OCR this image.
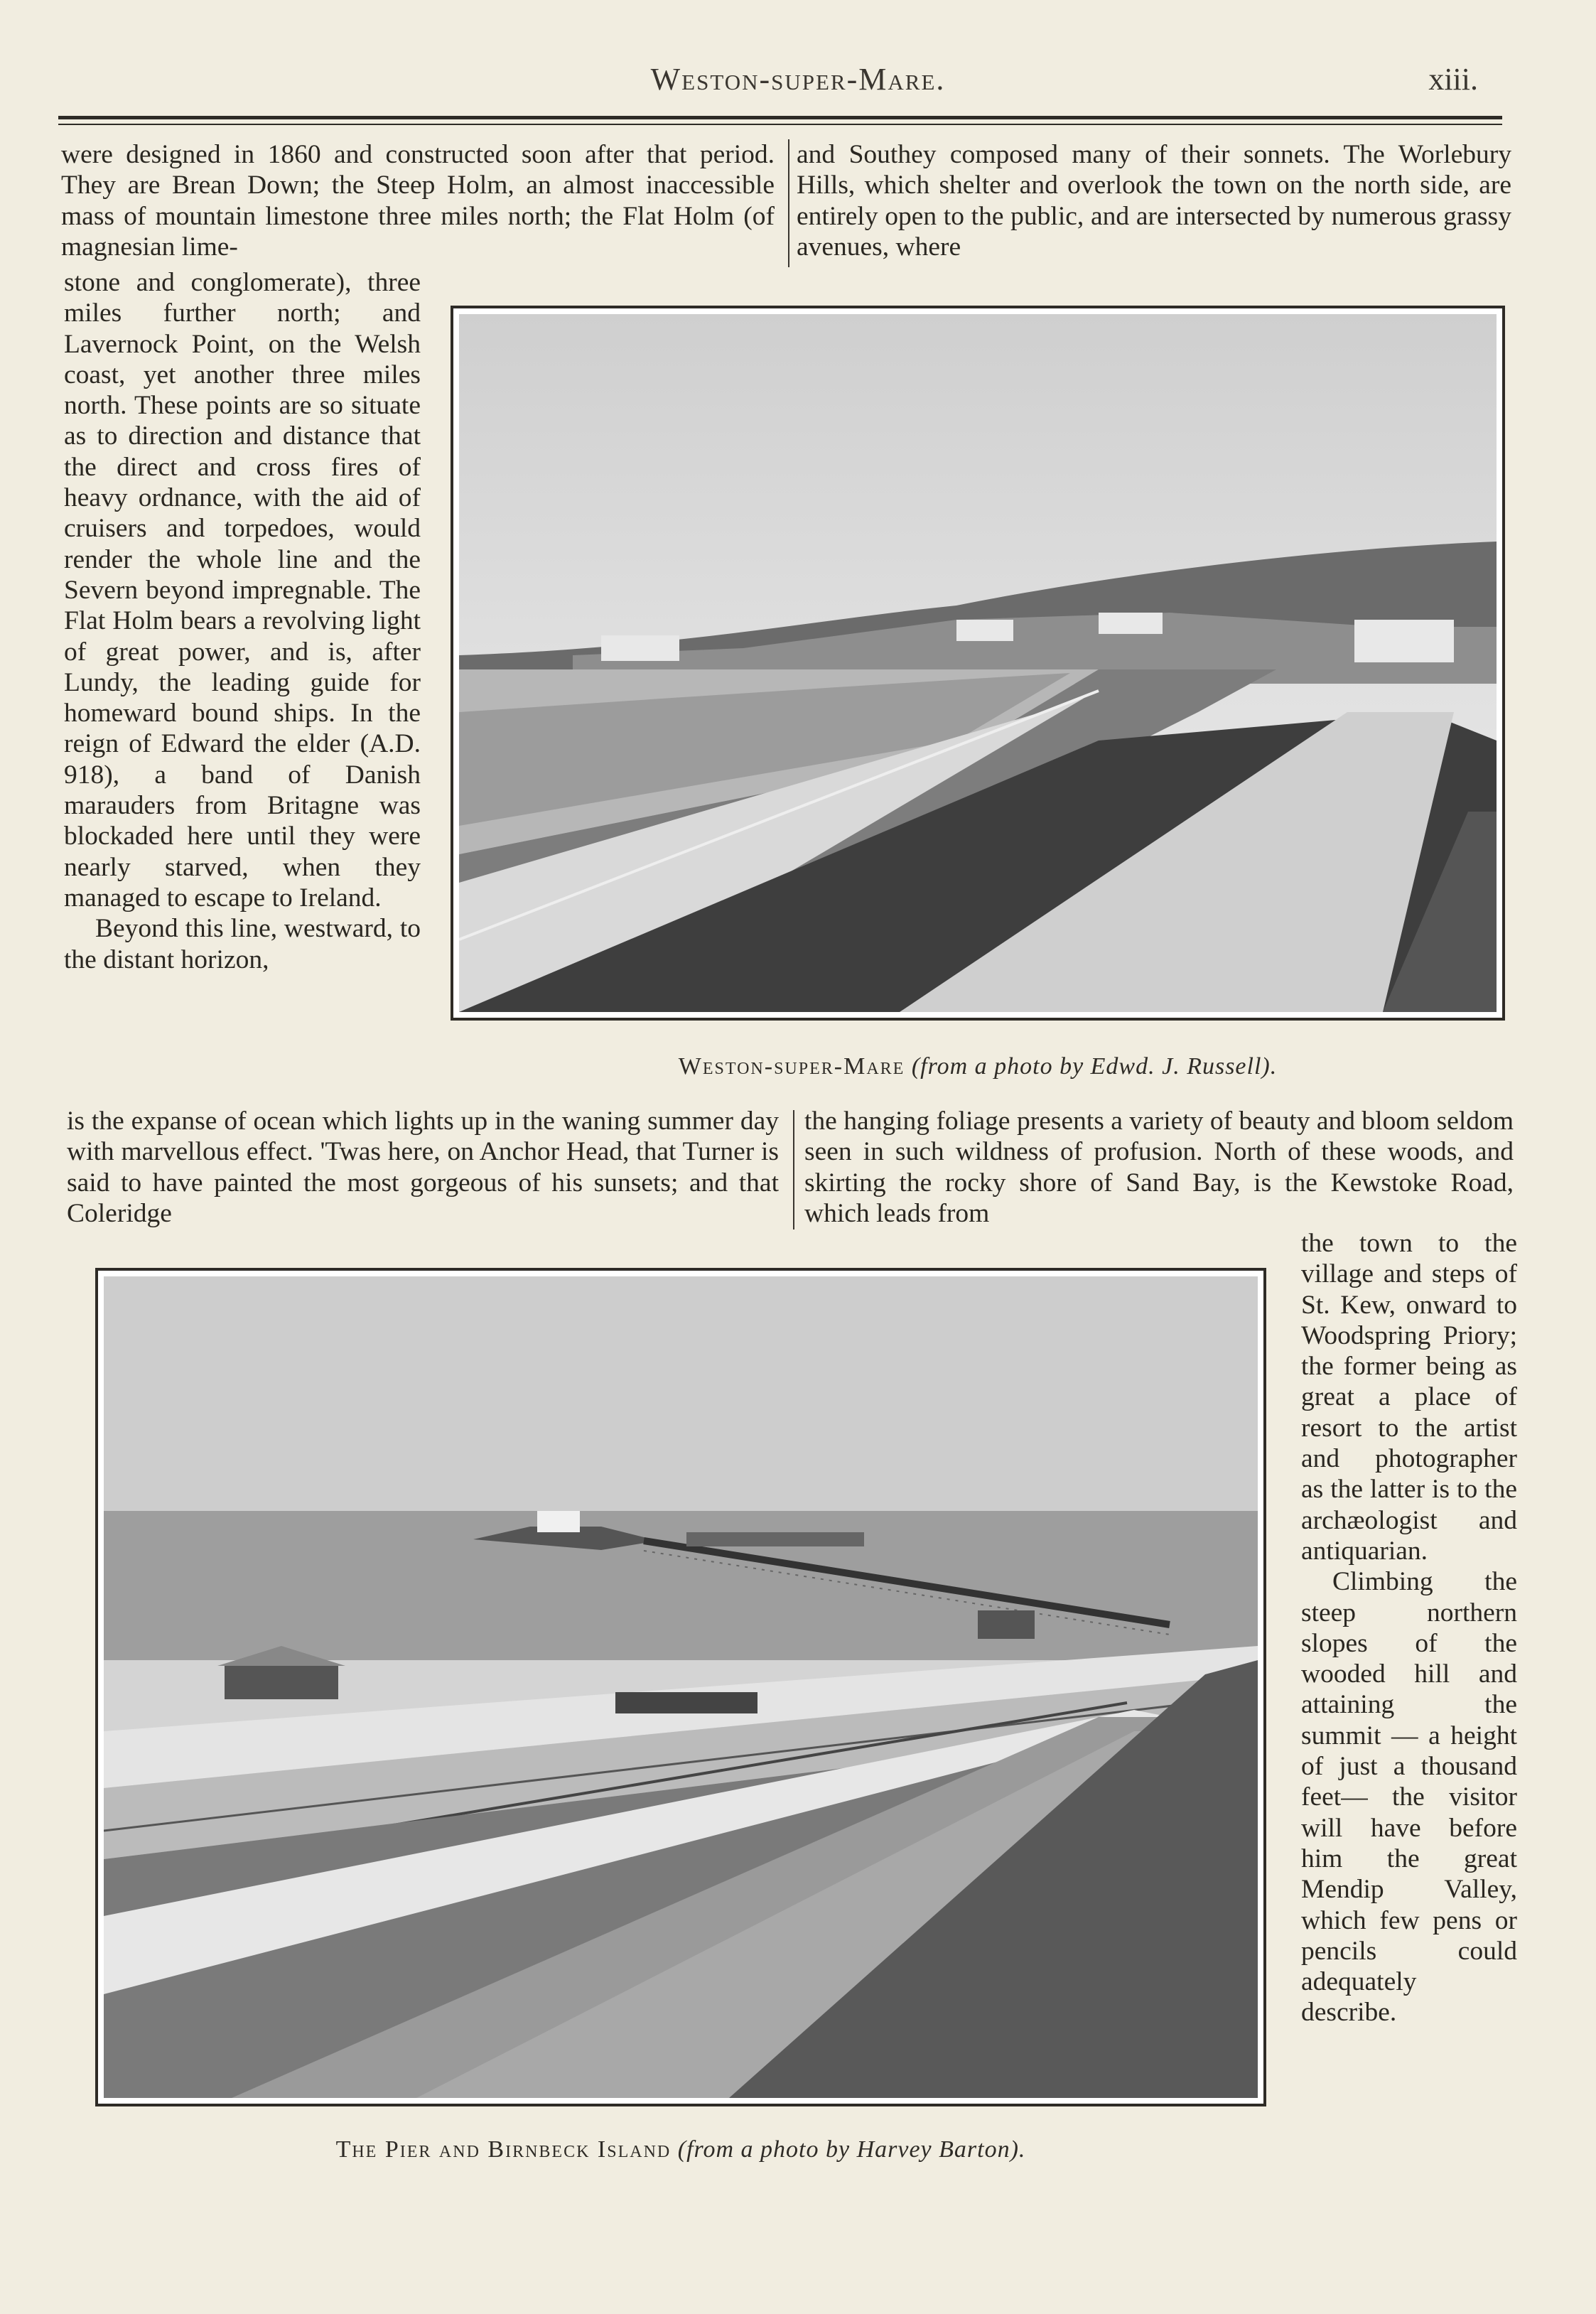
Weston-super-Mare.	xiii.

were designed in 1860 and constructed soon after that period. They are Brean Down; the Steep Holm, an almost inaccessible mass of mountain limestone three miles north; the Flat Holm (of magnesian lime-

and Southey composed many of their sonnets. The Worlebury Hills, which shelter and overlook the town on the north side, are entirely open to the public, and are intersected by numerous grassy avenues, where

stone and conglomerate), three miles further north; and Lavernock Point, on the Welsh coast, yet another three miles north. These points are so situate as to direction and distance that the direct and cross fires of heavy ordnance, with the aid of cruisers and torpedoes, would render the whole line and the Severn beyond impregnable. The Flat Holm bears a revolving light of great power, and is, after Lundy, the leading guide for homeward bound ships. In the reign of Edward the elder (A.D. 918), a band of Danish marauders from Britagne was blockaded here until they were nearly starved, when they managed to escape to Ireland.

Beyond this line, westward, to the distant horizon,

Weston-super-Mare (from a photo by Edwd. J. Russell).

is the expanse of ocean which lights up in the waning summer day with marvellous effect. 'Twas here, on Anchor Head, that Turner is said to have painted the most gorgeous of his sunsets; and that Coleridge

the hanging foliage presents a variety of beauty and bloom seldom seen in such wildness of profusion. North of these woods, and skirting the rocky shore of Sand Bay, is the Kewstoke Road, which leads from

The Pier and Birnbeck Island (from a photo by Harvey Barton).

the town to the village and steps of St. Kew, onward to Woodspring Priory; the former being as great a place of resort to the artist and photographer as the latter is to the archæologist and antiquarian.

Climbing the steep northern slopes of the wooded hill and attaining the summit — a height of just a thousand feet— the visitor will have before him the great Mendip Valley, which few pens or pencils could adequately describe.
